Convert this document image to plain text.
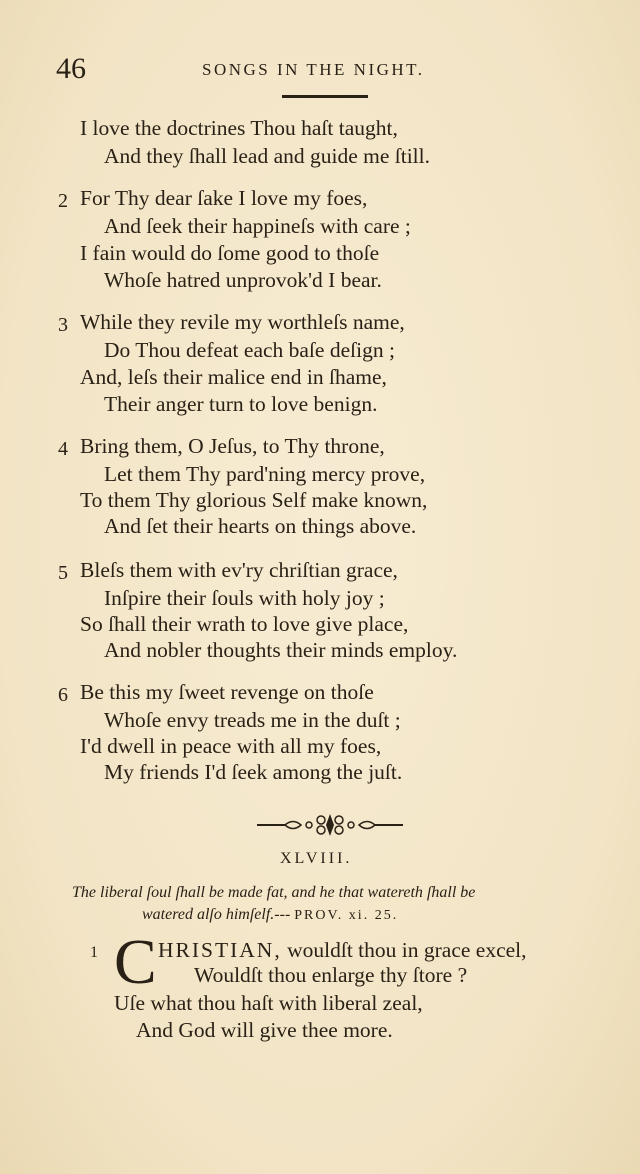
46	SONGS IN THE NIGHT.
I love the doctrines Thou haſt taught,
And they ſhall lead and guide me ſtill.
2 For Thy dear ſake I love my foes,
And ſeek their happineſs with care ;
I fain would do ſome good to thoſe
Whoſe hatred unprovok'd I bear.
3 While they revile my worthleſs name,
Do Thou defeat each baſe deſign ;
And, leſs their malice end in ſhame,
Their anger turn to love benign.
4 Bring them, O Jeſus, to Thy throne,
Let them Thy pard'ning mercy prove,
To them Thy glorious Self make known,
And ſet their hearts on things above.
5 Bleſs them with ev'ry chriſtian grace,
Inſpire their ſouls with holy joy ;
So ſhall their wrath to love give place,
And nobler thoughts their minds employ.
6 Be this my ſweet revenge on thoſe
Whoſe envy treads me in the duſt ;
I'd dwell in peace with all my foes,
My friends I'd ſeek among the juſt.
XLVIII.
The liberal ſoul ſhall be made fat, and he that watereth ſhall be
watered alſo himſelf.--- PROV. xi. 25.
1 C HRISTIAN, wouldſt thou in grace excel,
Wouldſt thou enlarge thy ſtore ?
Uſe what thou haſt with liberal zeal,
And God will give thee more.
